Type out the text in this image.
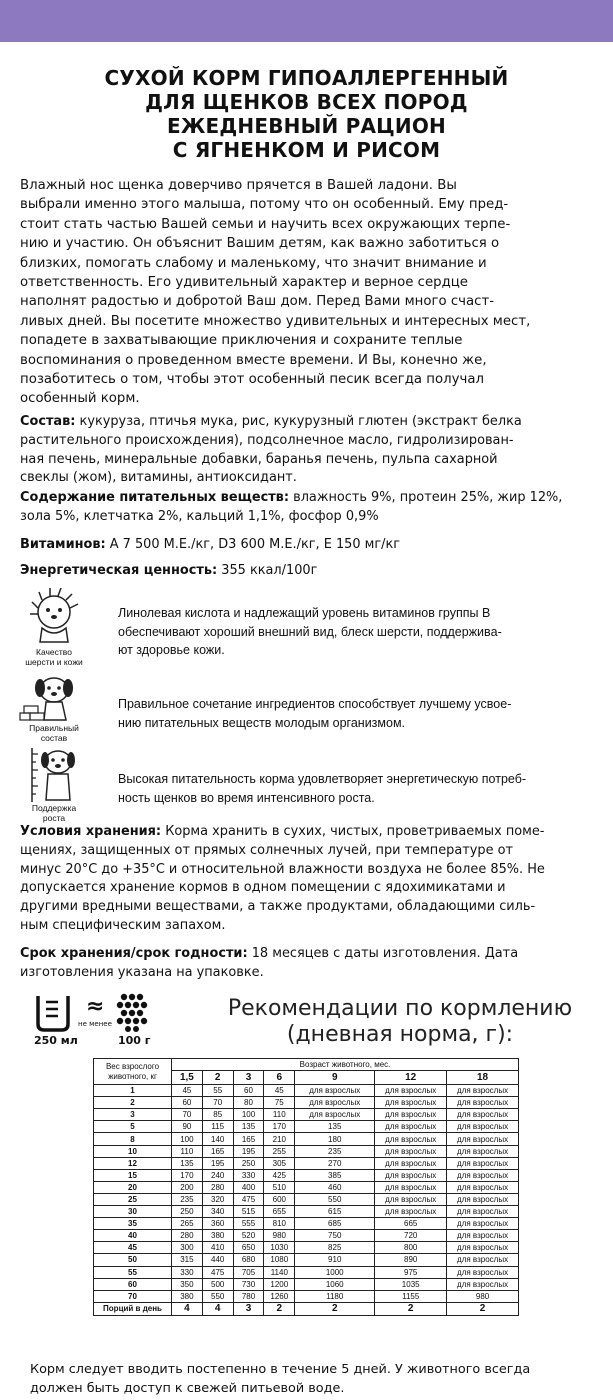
СУХОЙ КОРМ ГИПОАЛЛЕРГЕННЫЙ
ДЛЯ ЩЕНКОВ ВСЕХ ПОРОД
ЕЖЕДНЕВНЫЙ РАЦИОН
С ЯГНЕНКОМ И РИСОМ
Влажный нос щенка доверчиво прячется в Вашей ладони. Вы
выбрали именно этого малыша, потому что он особенный. Ему пред-
стоит стать частью Вашей семьи и научить всех окружающих терпе-
нию и участию. Он объяснит Вашим детям, как важно заботиться о
близких, помогать слабому и маленькому, что значит внимание и
ответственность. Его удивительный характер и верное сердце
наполнят радостью и добротой Ваш дом. Перед Вами много счаст-
ливых дней. Вы посетите множество удивительных и интересных мест,
попадете в захватывающие приключения и сохраните теплые
воспоминания о проведенном вместе времени. И Вы, конечно же,
позаботитесь о том, чтобы этот особенный песик всегда получал
особенный корм.
Состав: кукуруза, птичья мука, рис, кукурузный глютен (экстракт белка
растительного происхождения), подсолнечное масло, гидролизирован-
ная печень, минеральные добавки, баранья печень, пульпа сахарной
свеклы (жом), витамины, антиоксидант.
Содержание питательных веществ: влажность 9%, протеин 25%, жир 12%,
зола 5%, клетчатка 2%, кальций 1,1%, фосфор 0,9%
Витаминов: А 7 500 М.Е./кг, D3 600 М.Е./кг, Е 150 мг/кг
Энергетическая ценность: 355 ккал/100г
Качество
шерсти и кожи
Линолевая кислота и надлежащий уровень витаминов группы В
обеспечивают хороший внешний вид, блеск шерсти, поддерживa-
ют здоровье кожи.
Правильный
состав
Правильное сочетание ингредиентов способствует лучшему усвое-
нию питательных веществ молодым организмом.
Поддержка
роста
Высокая питательность корма удовлетворяет энергетическую потреб-
ность щенков во время интенсивного роста.
Условия хранения: Корма хранить в сухих, чистых, проветриваемых поме-
щениях, защищенных от прямых солнечных лучей, при температуре от
минус 20°С до +35°С и относительной влажности воздуха не более 85%. Не
допускается хранение кормов в одном помещении с ядохимикатами и
другими вредными веществами, а также продуктами, обладающими силь-
ным специфическим запахом.
Срок хранения/срок годности: 18 месяцев с даты изготовления. Дата
изготовления указана на упаковке.
≈
не менее
250 мл	100 г
Рекомендации по кормлению
(дневная норма, г):
Вес взрослого
животного, кг	Возраст животного, мес.						
	1,5	2	3	6	9	12	18
1	45	55	60	45	для взрослых	для взрослых	для взрослых
2	60	70	80	75	для взрослых	для взрослых	для взрослых
3	70	85	100	110	для взрослых	для взрослых	для взрослых
5	90	115	135	170	135	для взрослых	для взрослых
8	100	140	165	210	180	для взрослых	для взрослых
10	110	165	195	255	235	для взрослых	для взрослых
12	135	195	250	305	270	для взрослых	для взрослых
15	170	240	330	425	385	для взрослых	для взрослых
20	200	280	400	510	460	для взрослых	для взрослых
25	235	320	475	600	550	для взрослых	для взрослых
30	250	340	515	655	615	для взрослых	для взрослых
35	265	360	555	810	685	665	для взрослых
40	280	380	520	980	750	720	для взрослых
45	300	410	650	1030	825	800	для взрослых
50	315	440	680	1080	910	890	для взрослых
55	330	475	705	1140	1000	975	для взрослых
60	350	500	730	1200	1060	1035	для взрослых
70	380	550	780	1260	1180	1155	980
Порций в день	4	4	3	2	2	2	2
Корм следует вводить постепенно в течение 5 дней. У животного всегда
должен быть доступ к свежей питьевой воде.
